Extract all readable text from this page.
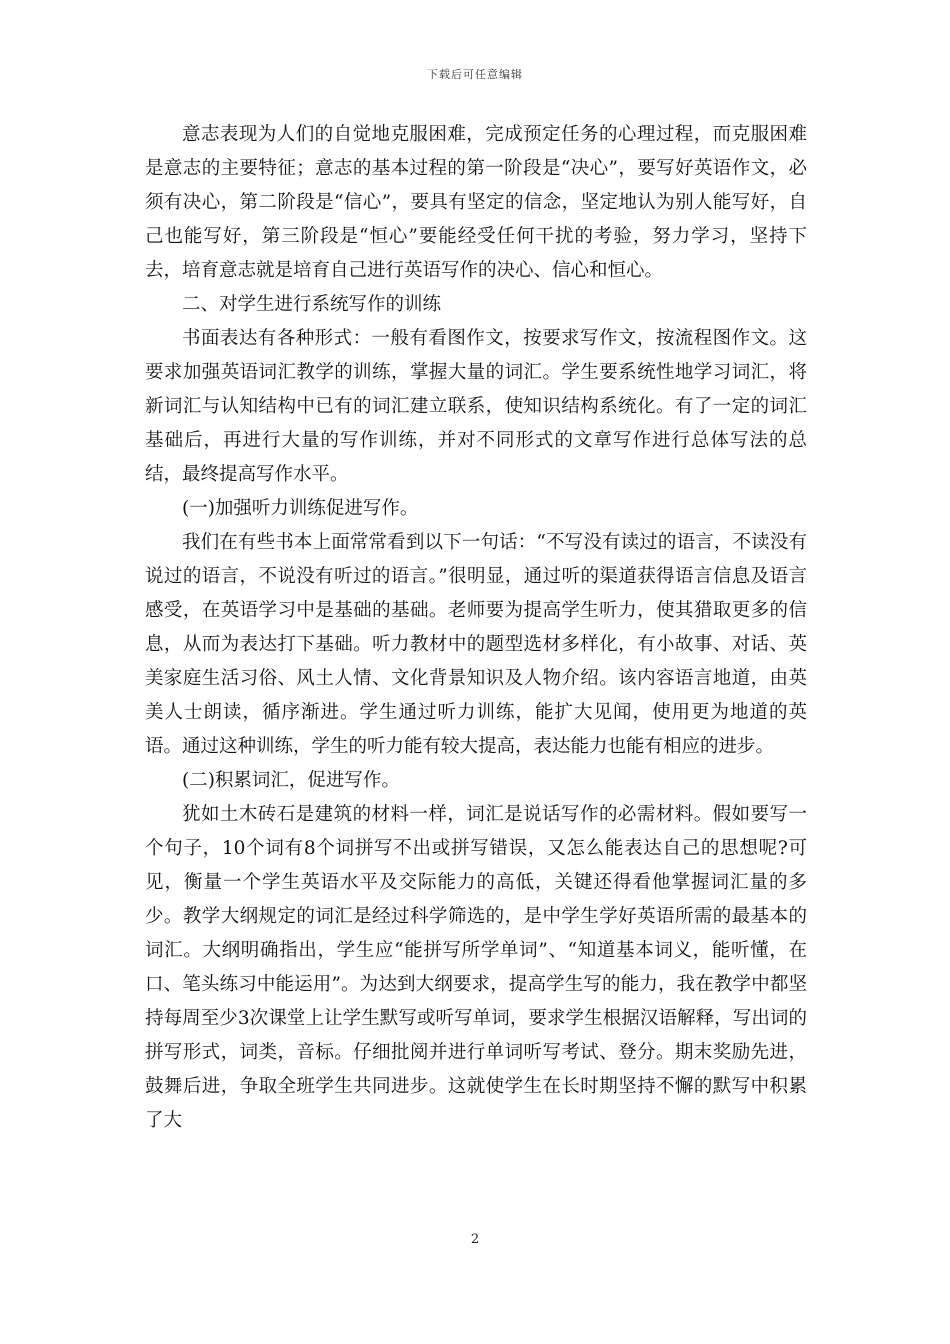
下载后可任意编辑

意志表现为人们的自觉地克服困难，完成预定任务的心理过程，而克服困难是意志的主要特征；意志的基本过程的第一阶段是“决心”，要写好英语作文，必须有决心，第二阶段是“信心”，要具有坚定的信念，坚定地认为别人能写好，自己也能写好，第三阶段是“恒心”要能经受任何干扰的考验，努力学习，坚持下去，培育意志就是培育自己进行英语写作的决心、信心和恒心。

二、对学生进行系统写作的训练

书面表达有各种形式：一般有看图作文，按要求写作文，按流程图作文。这要求加强英语词汇教学的训练，掌握大量的词汇。学生要系统性地学习词汇，将新词汇与认知结构中已有的词汇建立联系，使知识结构系统化。有了一定的词汇基础后，再进行大量的写作训练，并对不同形式的文章写作进行总体写法的总结，最终提高写作水平。

(一)加强听力训练促进写作。

我们在有些书本上面常常看到以下一句话：“不写没有读过的语言，不读没有说过的语言，不说没有听过的语言。”很明显，通过听的渠道获得语言信息及语言感受，在英语学习中是基础的基础。老师要为提高学生听力，使其猎取更多的信息，从而为表达打下基础。听力教材中的题型选材多样化，有小故事、对话、英美家庭生活习俗、风土人情、文化背景知识及人物介绍。该内容语言地道，由英美人士朗读，循序渐进。学生通过听力训练，能扩大见闻，使用更为地道的英语。通过这种训练，学生的听力能有较大提高，表达能力也能有相应的进步。

(二)积累词汇，促进写作。

犹如土木砖石是建筑的材料一样，词汇是说话写作的必需材料。假如要写一个句子，10个词有8个词拼写不出或拼写错误，又怎么能表达自己的思想呢?可见，衡量一个学生英语水平及交际能力的高低，关键还得看他掌握词汇量的多少。教学大纲规定的词汇是经过科学筛选的，是中学生学好英语所需的最基本的词汇。大纲明确指出，学生应“能拼写所学单词”、“知道基本词义，能听懂，在口、笔头练习中能运用”。为达到大纲要求，提高学生写的能力，我在教学中都坚持每周至少3次课堂上让学生默写或听写单词，要求学生根据汉语解释，写出词的拼写形式，词类，音标。仔细批阅并进行单词听写考试、登分。期末奖励先进，鼓舞后进，争取全班学生共同进步。这就使学生在长时期坚持不懈的默写中积累了大

2
